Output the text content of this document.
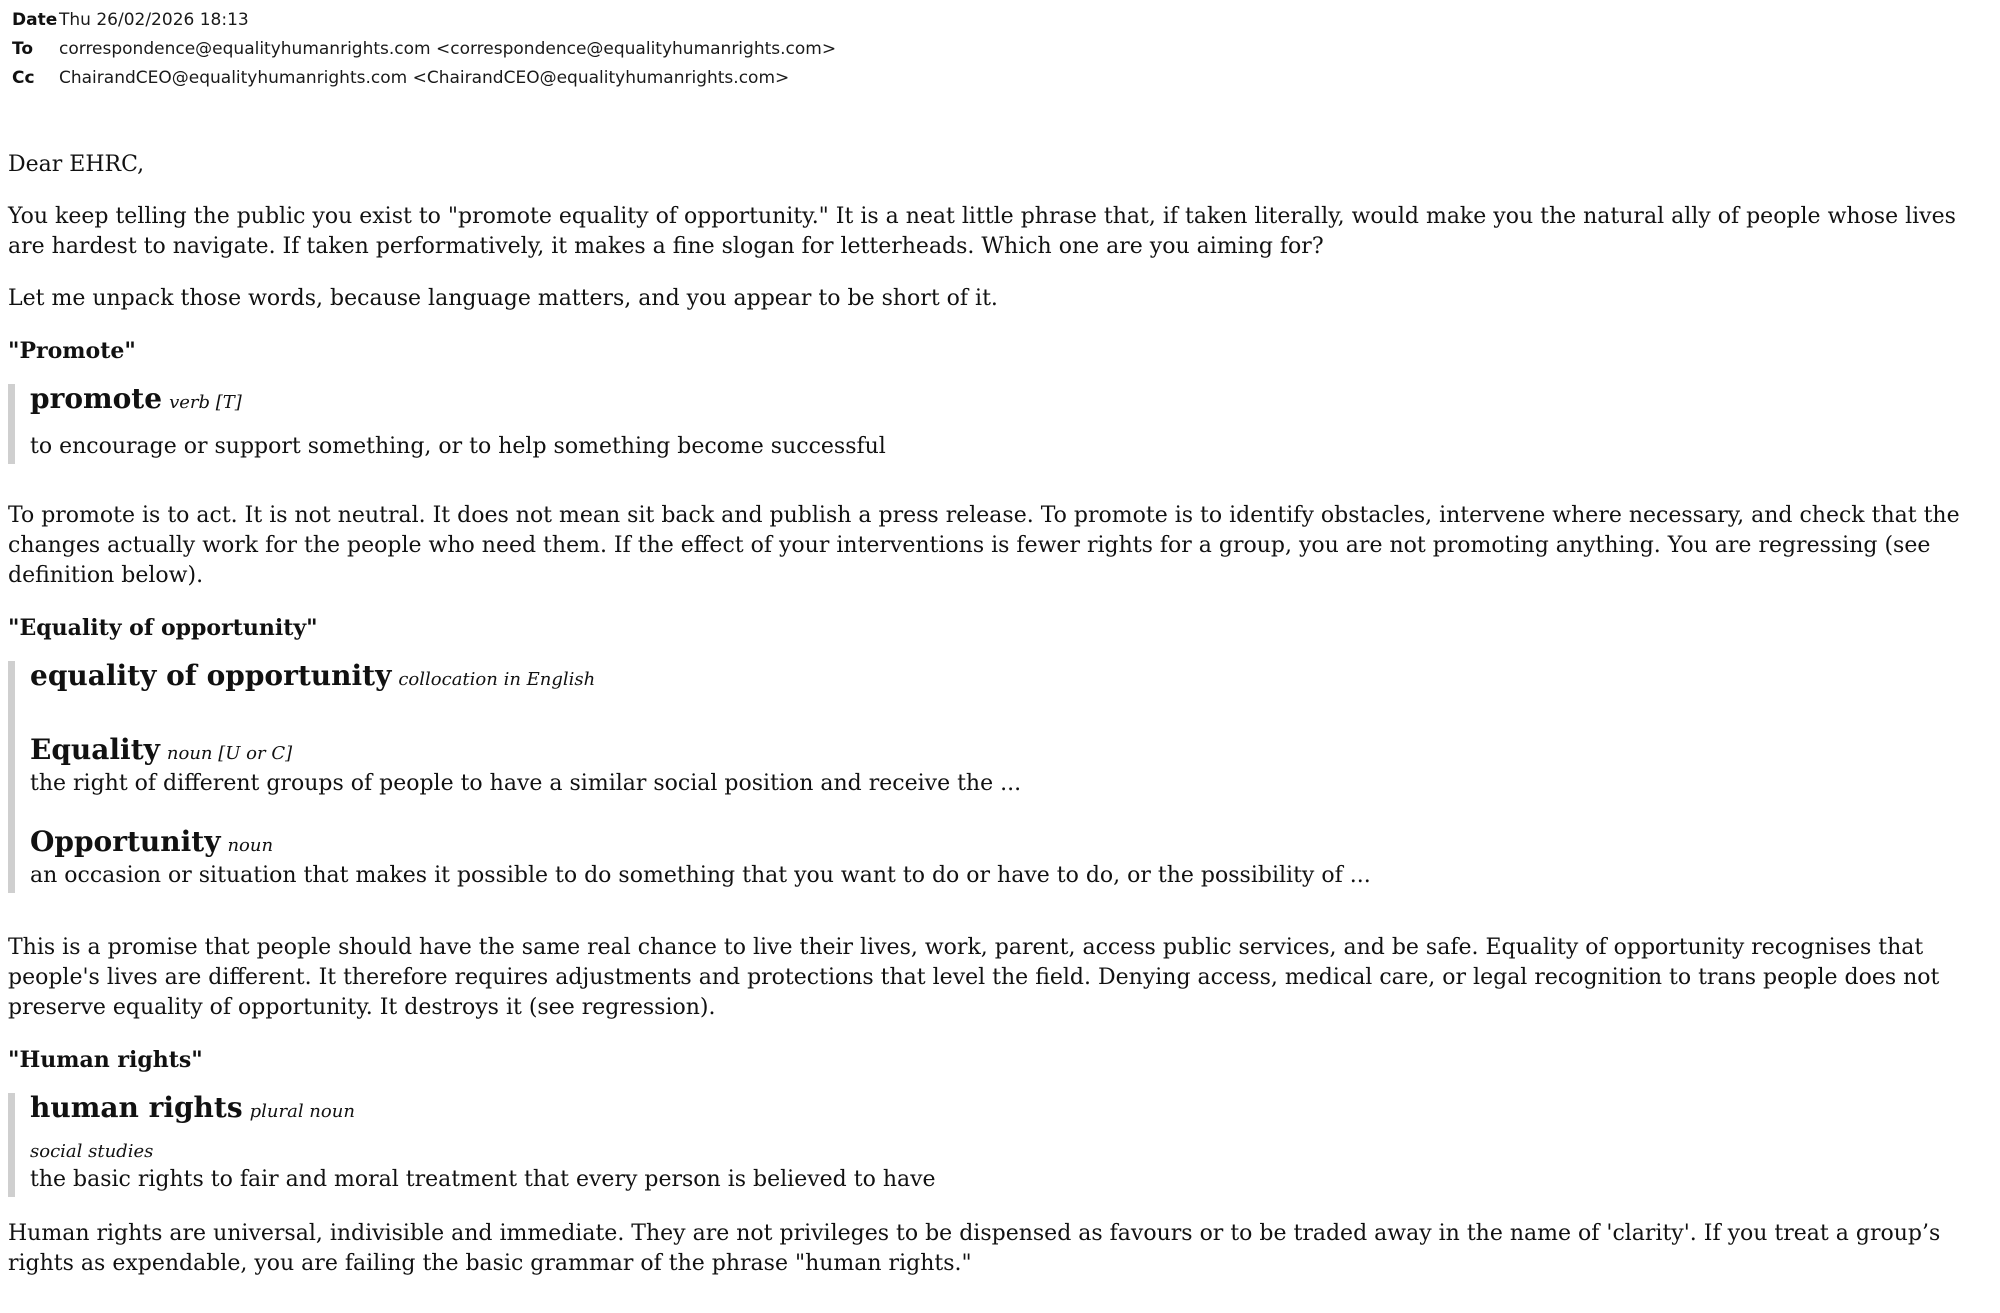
Date Thu 26/02/2026 18:13
To	correspondence@equalityhumanrights.com <correspondence@equalityhumanrights.com>
Cc	ChairandCEO@equalityhumanrights.com <ChairandCEO@equalityhumanrights.com>

Dear EHRC,

You keep telling the public you exist to "promote equality of opportunity." It is a neat little phrase that, if taken literally, would make you the natural ally of people whose lives are hardest to navigate. If taken performatively, it makes a fine slogan for letterheads. Which one are you aiming for?

Let me unpack those words, because language matters, and you appear to be short of it.

"Promote"

promote verb [T]
to encourage or support something, or to help something become successful

To promote is to act. It is not neutral. It does not mean sit back and publish a press release. To promote is to identify obstacles, intervene where necessary, and check that the changes actually work for the people who need them. If the effect of your interventions is fewer rights for a group, you are not promoting anything. You are regressing (see definition below).

"Equality of opportunity"

equality of opportunity collocation in English
Equality noun [U or C]
the right of different groups of people to have a similar social position and receive the ...
Opportunity noun
an occasion or situation that makes it possible to do something that you want to do or have to do, or the possibility of ...

This is a promise that people should have the same real chance to live their lives, work, parent, access public services, and be safe. Equality of opportunity recognises that people's lives are different. It therefore requires adjustments and protections that level the field. Denying access, medical care, or legal recognition to trans people does not preserve equality of opportunity. It destroys it (see regression).

"Human rights"

human rights plural noun
social studies
the basic rights to fair and moral treatment that every person is believed to have

Human rights are universal, indivisible and immediate. They are not privileges to be dispensed as favours or to be traded away in the name of 'clarity'. If you treat a group’s rights as expendable, you are failing the basic grammar of the phrase "human rights."
